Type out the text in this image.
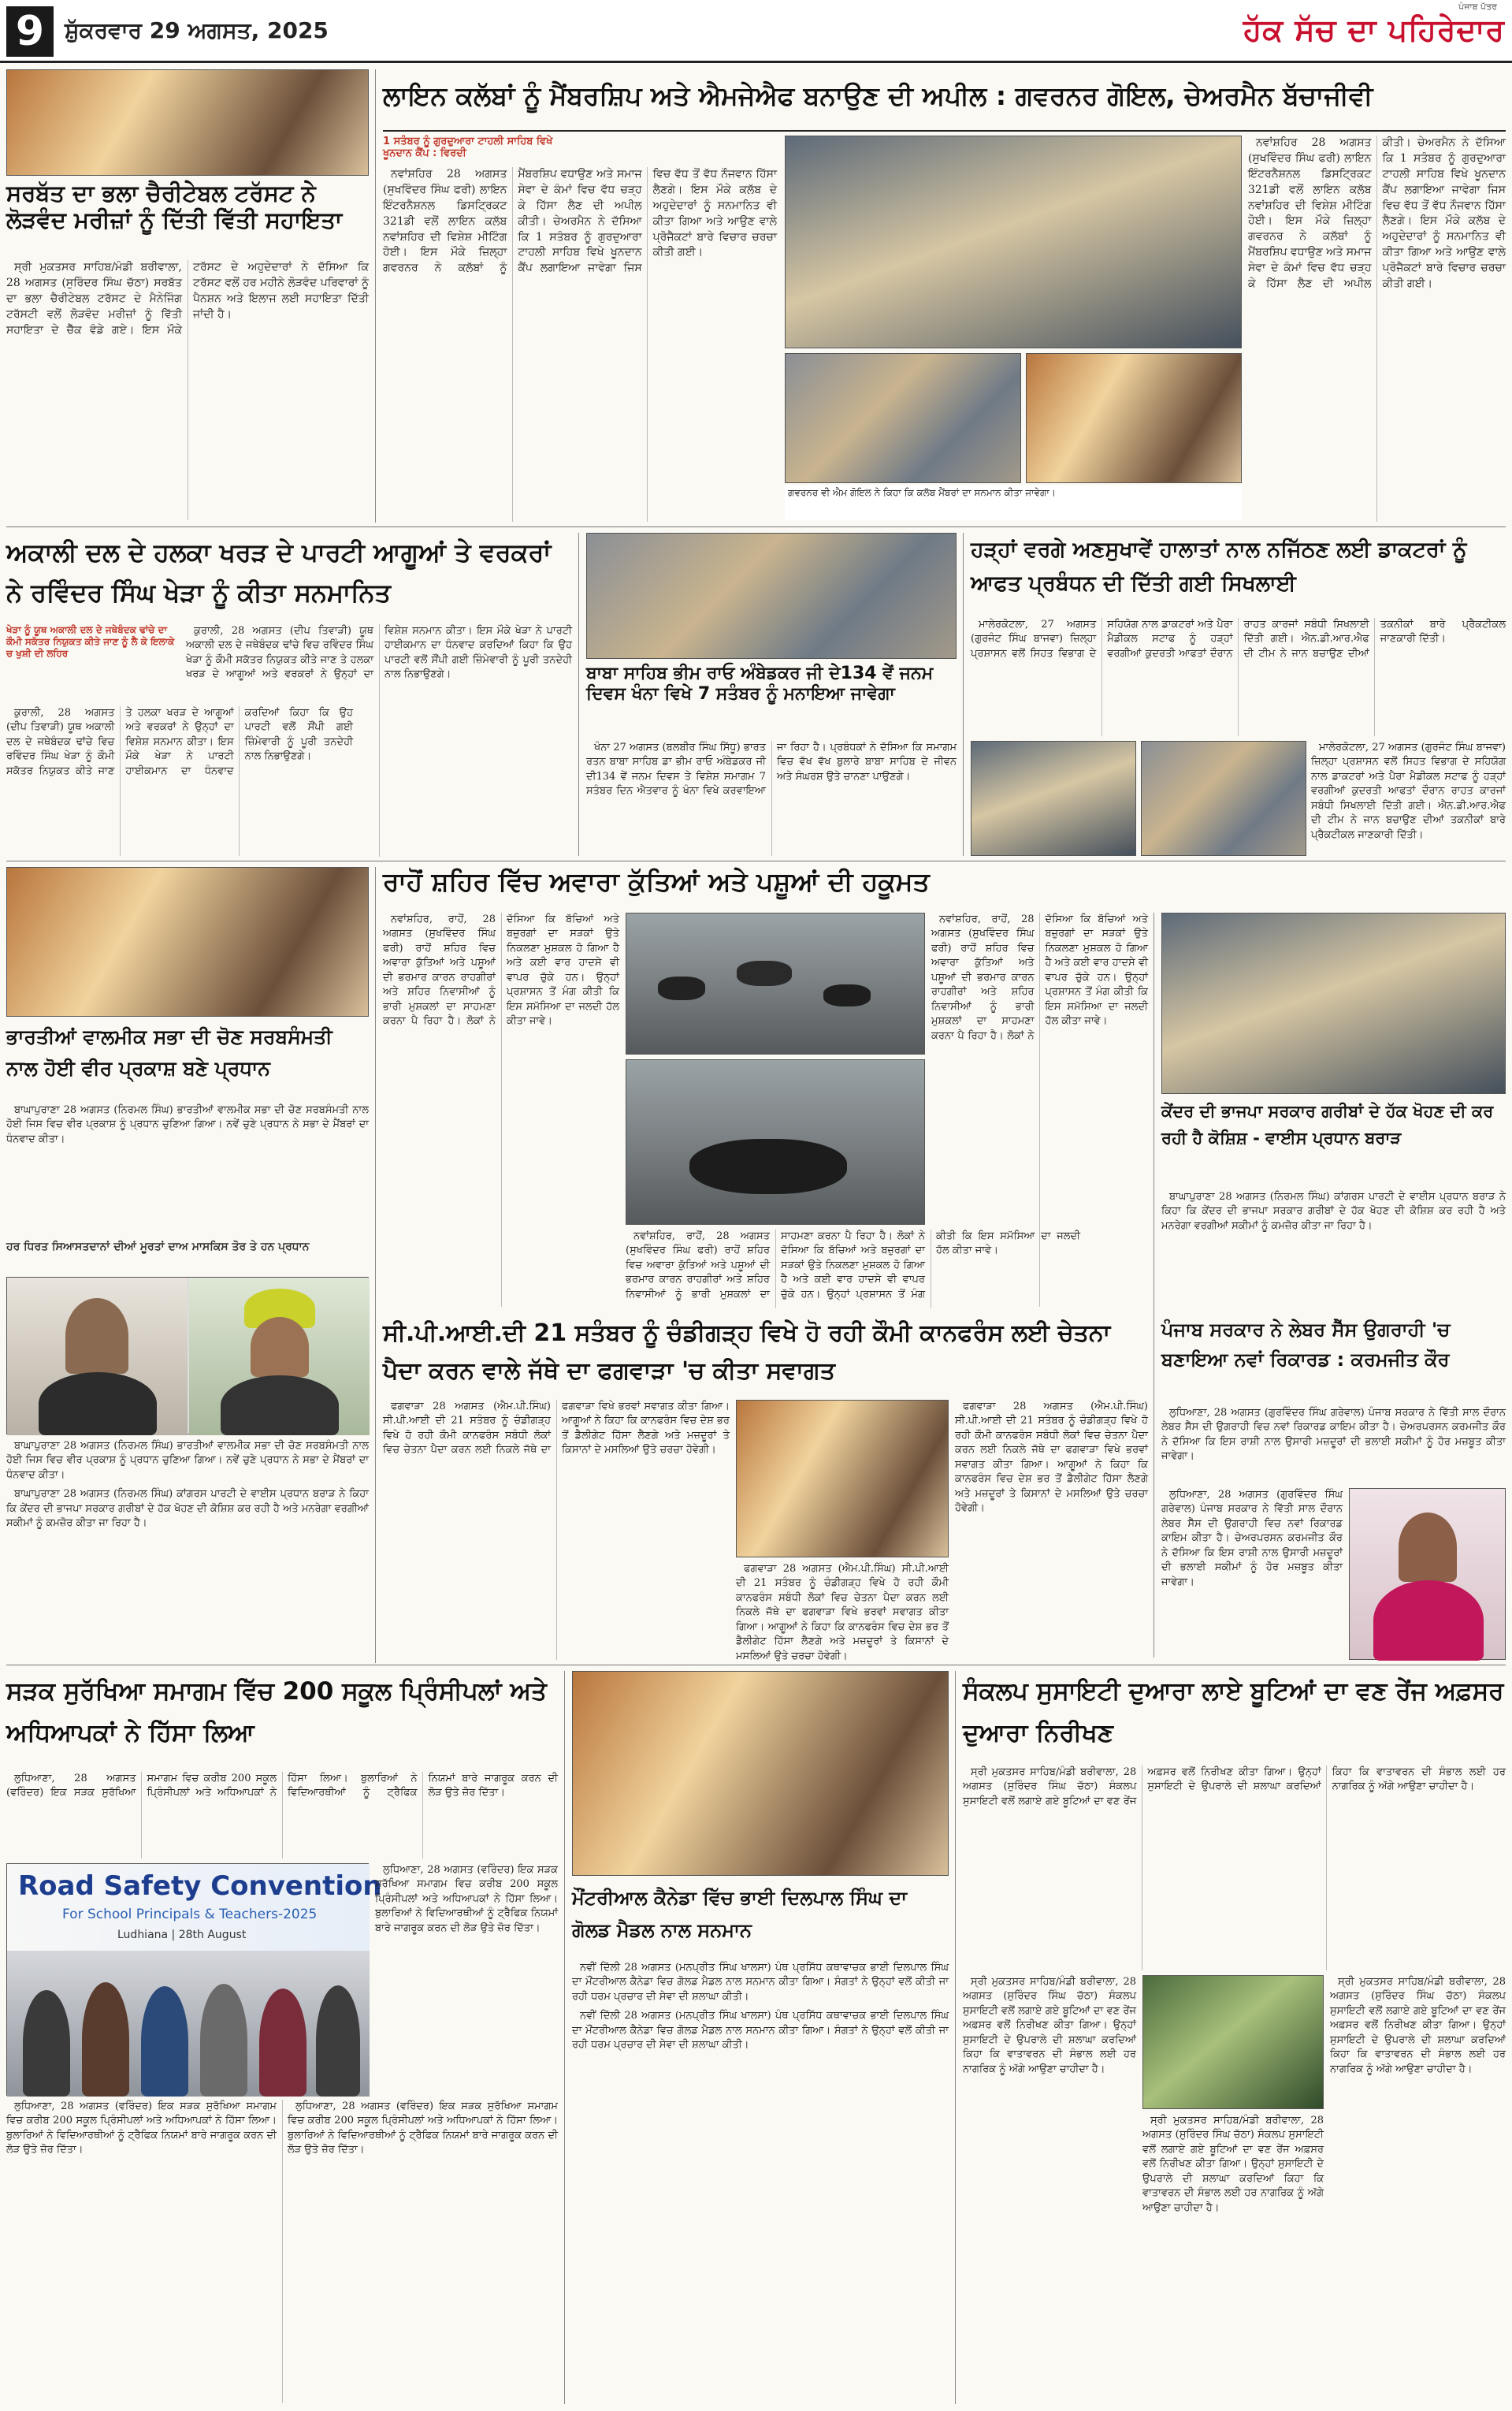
9 ਸ਼ੁੱਕਰਵਾਰ 29 ਅਗਸਤ, 2025
ਪੰਜਾਬ ਪੱਤਰ
ਹੱਕ ਸੱਚ ਦਾ ਪਹਿਰੇਦਾਰ
ਸਰਬੱਤ ਦਾ ਭਲਾ ਚੈਰੀਟੇਬਲ ਟਰੱਸਟ ਨੇ ਲੋੜਵੰਦ ਮਰੀਜ਼ਾਂ ਨੂੰ ਦਿੱਤੀ ਵਿੱਤੀ ਸਹਾਇਤਾ

ਸ੍ਰੀ ਮੁਕਤਸਰ ਸਾਹਿਬ/ਮੰਡੀ ਬਰੀਵਾਲਾ, 28 ਅਗਸਤ (ਸੁਰਿੰਦਰ ਸਿੰਘ ਚੱਠਾ) ਸਰਬੱਤ ਦਾ ਭਲਾ ਚੈਰੀਟੇਬਲ ਟਰੱਸਟ ਦੇ ਮੈਨੇਜਿੰਗ ਟਰੱਸਟੀ ਵਲੋਂ ਲੋੜਵੰਦ ਮਰੀਜ਼ਾਂ ਨੂੰ ਵਿੱਤੀ ਸਹਾਇਤਾ ਦੇ ਚੈੱਕ ਵੰਡੇ ਗਏ। ਇਸ ਮੌਕੇ ਟਰੱਸਟ ਦੇ ਅਹੁਦੇਦਾਰਾਂ ਨੇ ਦੱਸਿਆ ਕਿ ਟਰੱਸਟ ਵਲੋਂ ਹਰ ਮਹੀਨੇ ਲੋੜਵੰਦ ਪਰਿਵਾਰਾਂ ਨੂੰ ਪੈਨਸ਼ਨ ਅਤੇ ਇਲਾਜ ਲਈ ਸਹਾਇਤਾ ਦਿੱਤੀ ਜਾਂਦੀ ਹੈ।

ਲਾਇਨ ਕਲੱਬਾਂ ਨੂੰ ਮੈਂਬਰਸ਼ਿਪ ਅਤੇ ਐਮਜੇਐਫ ਬਨਾਉਣ ਦੀ ਅਪੀਲ : ਗਵਰਨਰ ਗੋਇਲ, ਚੇਅਰਮੈਨ ਬੱਚਾਜੀਵੀ
1 ਸਤੰਬਰ ਨੂੰ ਗੁਰਦੁਆਰਾ ਟਾਹਲੀ ਸਾਹਿਬ ਵਿਖੇ ਖੂਨਦਾਨ ਕੈਂਪ : ਵਿਰਦੀ

ਨਵਾਂਸ਼ਹਿਰ 28 ਅਗਸਤ (ਸੁਖਵਿੰਦਰ ਸਿੰਘ ਫਰੀ) ਲਾਇਨ ਇੰਟਰਨੈਸ਼ਨਲ ਡਿਸਟ੍ਰਿਕਟ 321ਡੀ ਵਲੋਂ ਲਾਇਨ ਕਲੱਬ ਨਵਾਂਸ਼ਹਿਰ ਦੀ ਵਿਸ਼ੇਸ਼ ਮੀਟਿੰਗ ਹੋਈ। ਇਸ ਮੌਕੇ ਜ਼ਿਲ੍ਹਾ ਗਵਰਨਰ ਨੇ ਕਲੱਬਾਂ ਨੂੰ ਮੈਂਬਰਸ਼ਿਪ ਵਧਾਉਣ ਅਤੇ ਸਮਾਜ ਸੇਵਾ ਦੇ ਕੰਮਾਂ ਵਿਚ ਵੱਧ ਚੜ੍ਹ ਕੇ ਹਿੱਸਾ ਲੈਣ ਦੀ ਅਪੀਲ ਕੀਤੀ। ਚੇਅਰਮੈਨ ਨੇ ਦੱਸਿਆ ਕਿ 1 ਸਤੰਬਰ ਨੂੰ ਗੁਰਦੁਆਰਾ ਟਾਹਲੀ ਸਾਹਿਬ ਵਿਖੇ ਖੂਨਦਾਨ ਕੈਂਪ ਲਗਾਇਆ ਜਾਵੇਗਾ ਜਿਸ ਵਿਚ ਵੱਧ ਤੋਂ ਵੱਧ ਨੌਜਵਾਨ ਹਿੱਸਾ ਲੈਣਗੇ। ਇਸ ਮੌਕੇ ਕਲੱਬ ਦੇ ਅਹੁਦੇਦਾਰਾਂ ਨੂੰ ਸਨਮਾਨਿਤ ਵੀ ਕੀਤਾ ਗਿਆ ਅਤੇ ਆਉਣ ਵਾਲੇ ਪ੍ਰੋਜੈਕਟਾਂ ਬਾਰੇ ਵਿਚਾਰ ਚਰਚਾ ਕੀਤੀ ਗਈ।

ਗਵਰਨਰ ਵੀ ਐਮ ਗੋਇਲ ਨੇ ਕਿਹਾ ਕਿ ਕਲੱਬ ਮੈਂਬਰਾਂ ਦਾ ਸਨਮਾਨ ਕੀਤਾ ਜਾਵੇਗਾ।

ਨਵਾਂਸ਼ਹਿਰ 28 ਅਗਸਤ (ਸੁਖਵਿੰਦਰ ਸਿੰਘ ਫਰੀ) ਲਾਇਨ ਇੰਟਰਨੈਸ਼ਨਲ ਡਿਸਟ੍ਰਿਕਟ 321ਡੀ ਵਲੋਂ ਲਾਇਨ ਕਲੱਬ ਨਵਾਂਸ਼ਹਿਰ ਦੀ ਵਿਸ਼ੇਸ਼ ਮੀਟਿੰਗ ਹੋਈ। ਇਸ ਮੌਕੇ ਜ਼ਿਲ੍ਹਾ ਗਵਰਨਰ ਨੇ ਕਲੱਬਾਂ ਨੂੰ ਮੈਂਬਰਸ਼ਿਪ ਵਧਾਉਣ ਅਤੇ ਸਮਾਜ ਸੇਵਾ ਦੇ ਕੰਮਾਂ ਵਿਚ ਵੱਧ ਚੜ੍ਹ ਕੇ ਹਿੱਸਾ ਲੈਣ ਦੀ ਅਪੀਲ ਕੀਤੀ। ਚੇਅਰਮੈਨ ਨੇ ਦੱਸਿਆ ਕਿ 1 ਸਤੰਬਰ ਨੂੰ ਗੁਰਦੁਆਰਾ ਟਾਹਲੀ ਸਾਹਿਬ ਵਿਖੇ ਖੂਨਦਾਨ ਕੈਂਪ ਲਗਾਇਆ ਜਾਵੇਗਾ ਜਿਸ ਵਿਚ ਵੱਧ ਤੋਂ ਵੱਧ ਨੌਜਵਾਨ ਹਿੱਸਾ ਲੈਣਗੇ। ਇਸ ਮੌਕੇ ਕਲੱਬ ਦੇ ਅਹੁਦੇਦਾਰਾਂ ਨੂੰ ਸਨਮਾਨਿਤ ਵੀ ਕੀਤਾ ਗਿਆ ਅਤੇ ਆਉਣ ਵਾਲੇ ਪ੍ਰੋਜੈਕਟਾਂ ਬਾਰੇ ਵਿਚਾਰ ਚਰਚਾ ਕੀਤੀ ਗਈ।

ਅਕਾਲੀ ਦਲ ਦੇ ਹਲਕਾ ਖਰੜ ਦੇ ਪਾਰਟੀ ਆਗੂਆਂ ਤੇ ਵਰਕਰਾਂ ਨੇ ਰਵਿੰਦਰ ਸਿੰਘ ਖੇੜਾ ਨੂੰ ਕੀਤਾ ਸਨਮਾਨਿਤ
ਖੇੜਾ ਨੂੰ ਯੂਥ ਅਕਾਲੀ ਦਲ ਦੇ ਜਥੇਬੰਦਕ ਢਾਂਚੇ ਦਾ ਕੌਮੀ ਸਕੱਤਰ ਨਿਯੁਕਤ ਕੀਤੇ ਜਾਣ ਨੂੰ ਲੈ ਕੇ ਇਲਾਕੇ ਚ ਖੁਸ਼ੀ ਦੀ ਲਹਿਰ

ਕੁਰਾਲੀ, 28 ਅਗਸਤ (ਦੀਪ ਤਿਵਾੜੀ) ਯੂਥ ਅਕਾਲੀ ਦਲ ਦੇ ਜਥੇਬੰਦਕ ਢਾਂਚੇ ਵਿਚ ਰਵਿੰਦਰ ਸਿੰਘ ਖੇੜਾ ਨੂੰ ਕੌਮੀ ਸਕੱਤਰ ਨਿਯੁਕਤ ਕੀਤੇ ਜਾਣ ਤੇ ਹਲਕਾ ਖਰੜ ਦੇ ਆਗੂਆਂ ਅਤੇ ਵਰਕਰਾਂ ਨੇ ਉਨ੍ਹਾਂ ਦਾ ਵਿਸ਼ੇਸ਼ ਸਨਮਾਨ ਕੀਤਾ। ਇਸ ਮੌਕੇ ਖੇੜਾ ਨੇ ਪਾਰਟੀ ਹਾਈਕਮਾਨ ਦਾ ਧੰਨਵਾਦ ਕਰਦਿਆਂ ਕਿਹਾ ਕਿ ਉਹ ਪਾਰਟੀ ਵਲੋਂ ਸੌਂਪੀ ਗਈ ਜ਼ਿੰਮੇਵਾਰੀ ਨੂੰ ਪੂਰੀ ਤਨਦੇਹੀ ਨਾਲ ਨਿਭਾਉਣਗੇ।

ਕੁਰਾਲੀ, 28 ਅਗਸਤ (ਦੀਪ ਤਿਵਾੜੀ) ਯੂਥ ਅਕਾਲੀ ਦਲ ਦੇ ਜਥੇਬੰਦਕ ਢਾਂਚੇ ਵਿਚ ਰਵਿੰਦਰ ਸਿੰਘ ਖੇੜਾ ਨੂੰ ਕੌਮੀ ਸਕੱਤਰ ਨਿਯੁਕਤ ਕੀਤੇ ਜਾਣ ਤੇ ਹਲਕਾ ਖਰੜ ਦੇ ਆਗੂਆਂ ਅਤੇ ਵਰਕਰਾਂ ਨੇ ਉਨ੍ਹਾਂ ਦਾ ਵਿਸ਼ੇਸ਼ ਸਨਮਾਨ ਕੀਤਾ। ਇਸ ਮੌਕੇ ਖੇੜਾ ਨੇ ਪਾਰਟੀ ਹਾਈਕਮਾਨ ਦਾ ਧੰਨਵਾਦ ਕਰਦਿਆਂ ਕਿਹਾ ਕਿ ਉਹ ਪਾਰਟੀ ਵਲੋਂ ਸੌਂਪੀ ਗਈ ਜ਼ਿੰਮੇਵਾਰੀ ਨੂੰ ਪੂਰੀ ਤਨਦੇਹੀ ਨਾਲ ਨਿਭਾਉਣਗੇ।	ਬਾਬਾ ਸਾਹਿਬ ਭੀਮ ਰਾਓ ਅੰਬੇਡਕਰ ਜੀ ਦੇ134 ਵੇਂ ਜਨਮ ਦਿਵਸ ਖੰਨਾ ਵਿਖੇ 7 ਸਤੰਬਰ ਨੂੰ ਮਨਾਇਆ ਜਾਵੇਗਾ

ਖੰਨਾ 27 ਅਗਸਤ (ਬਲਬੀਰ ਸਿੰਘ ਸਿੱਧੂ) ਭਾਰਤ ਰਤਨ ਬਾਬਾ ਸਾਹਿਬ ਡਾ ਭੀਮ ਰਾਓ ਅੰਬੇਡਕਰ ਜੀ ਦੀ134 ਵੇਂ ਜਨਮ ਦਿਵਸ ਤੇ ਵਿਸ਼ੇਸ਼ ਸਮਾਗਮ 7 ਸਤੰਬਰ ਦਿਨ ਐਤਵਾਰ ਨੂੰ ਖੰਨਾ ਵਿਖੇ ਕਰਵਾਇਆ ਜਾ ਰਿਹਾ ਹੈ। ਪ੍ਰਬੰਧਕਾਂ ਨੇ ਦੱਸਿਆ ਕਿ ਸਮਾਗਮ ਵਿਚ ਵੱਖ ਵੱਖ ਬੁਲਾਰੇ ਬਾਬਾ ਸਾਹਿਬ ਦੇ ਜੀਵਨ ਅਤੇ ਸੰਘਰਸ਼ ਉਤੇ ਚਾਨਣਾ ਪਾਉਣਗੇ।

ਹੜ੍ਹਾਂ ਵਰਗੇ ਅਣਸੁਖਾਵੇਂ ਹਾਲਾਤਾਂ ਨਾਲ ਨਜਿੱਠਣ ਲਈ ਡਾਕਟਰਾਂ ਨੂੰ ਆਫਤ ਪ੍ਰਬੰਧਨ ਦੀ ਦਿੱਤੀ ਗਈ ਸਿਖਲਾਈ

ਮਾਲੇਰਕੋਟਲਾ, 27 ਅਗਸਤ (ਗੁਰਜੰਟ ਸਿੰਘ ਬਾਜਵਾ) ਜ਼ਿਲ੍ਹਾ ਪ੍ਰਸ਼ਾਸਨ ਵਲੋਂ ਸਿਹਤ ਵਿਭਾਗ ਦੇ ਸਹਿਯੋਗ ਨਾਲ ਡਾਕਟਰਾਂ ਅਤੇ ਪੈਰਾ ਮੈਡੀਕਲ ਸਟਾਫ ਨੂੰ ਹੜ੍ਹਾਂ ਵਰਗੀਆਂ ਕੁਦਰਤੀ ਆਫਤਾਂ ਦੌਰਾਨ ਰਾਹਤ ਕਾਰਜਾਂ ਸਬੰਧੀ ਸਿਖਲਾਈ ਦਿੱਤੀ ਗਈ। ਐਨ.ਡੀ.ਆਰ.ਐਫ ਦੀ ਟੀਮ ਨੇ ਜਾਨ ਬਚਾਉਣ ਦੀਆਂ ਤਕਨੀਕਾਂ ਬਾਰੇ ਪ੍ਰੈਕਟੀਕਲ ਜਾਣਕਾਰੀ ਦਿੱਤੀ।

ਮਾਲੇਰਕੋਟਲਾ, 27 ਅਗਸਤ (ਗੁਰਜੰਟ ਸਿੰਘ ਬਾਜਵਾ) ਜ਼ਿਲ੍ਹਾ ਪ੍ਰਸ਼ਾਸਨ ਵਲੋਂ ਸਿਹਤ ਵਿਭਾਗ ਦੇ ਸਹਿਯੋਗ ਨਾਲ ਡਾਕਟਰਾਂ ਅਤੇ ਪੈਰਾ ਮੈਡੀਕਲ ਸਟਾਫ ਨੂੰ ਹੜ੍ਹਾਂ ਵਰਗੀਆਂ ਕੁਦਰਤੀ ਆਫਤਾਂ ਦੌਰਾਨ ਰਾਹਤ ਕਾਰਜਾਂ ਸਬੰਧੀ ਸਿਖਲਾਈ ਦਿੱਤੀ ਗਈ। ਐਨ.ਡੀ.ਆਰ.ਐਫ ਦੀ ਟੀਮ ਨੇ ਜਾਨ ਬਚਾਉਣ ਦੀਆਂ ਤਕਨੀਕਾਂ ਬਾਰੇ ਪ੍ਰੈਕਟੀਕਲ ਜਾਣਕਾਰੀ ਦਿੱਤੀ।

ਭਾਰਤੀਆਂ ਵਾਲਮੀਕ ਸਭਾ ਦੀ ਚੋਣ ਸਰਬਸੰਮਤੀ ਨਾਲ ਹੋਈ ਵੀਰ ਪ੍ਰਕਾਸ਼ ਬਣੇ ਪ੍ਰਧਾਨ

ਬਾਘਾਪੁਰਾਣਾ 28 ਅਗਸਤ (ਨਿਰਮਲ ਸਿੰਘ) ਭਾਰਤੀਆਂ ਵਾਲਮੀਕ ਸਭਾ ਦੀ ਚੋਣ ਸਰਬਸੰਮਤੀ ਨਾਲ ਹੋਈ ਜਿਸ ਵਿਚ ਵੀਰ ਪ੍ਰਕਾਸ਼ ਨੂੰ ਪ੍ਰਧਾਨ ਚੁਣਿਆ ਗਿਆ। ਨਵੇਂ ਚੁਣੇ ਪ੍ਰਧਾਨ ਨੇ ਸਭਾ ਦੇ ਮੈਂਬਰਾਂ ਦਾ ਧੰਨਵਾਦ ਕੀਤਾ।

ਹਰ ਧਿਰਤ ਸਿਆਸਤਦਾਨਾਂ ਦੀਆਂ ਮੂਰਤਾਂ ਦਾਅ ਮਾਸਕਿਸ ਤੋਰ ਤੇ ਹਨ ਪ੍ਰਧਾਨ

ਬਾਘਾਪੁਰਾਣਾ 28 ਅਗਸਤ (ਨਿਰਮਲ ਸਿੰਘ) ਭਾਰਤੀਆਂ ਵਾਲਮੀਕ ਸਭਾ ਦੀ ਚੋਣ ਸਰਬਸੰਮਤੀ ਨਾਲ ਹੋਈ ਜਿਸ ਵਿਚ ਵੀਰ ਪ੍ਰਕਾਸ਼ ਨੂੰ ਪ੍ਰਧਾਨ ਚੁਣਿਆ ਗਿਆ। ਨਵੇਂ ਚੁਣੇ ਪ੍ਰਧਾਨ ਨੇ ਸਭਾ ਦੇ ਮੈਂਬਰਾਂ ਦਾ ਧੰਨਵਾਦ ਕੀਤਾ।

ਬਾਘਾਪੁਰਾਣਾ 28 ਅਗਸਤ (ਨਿਰਮਲ ਸਿੰਘ) ਕਾਂਗਰਸ ਪਾਰਟੀ ਦੇ ਵਾਈਸ ਪ੍ਰਧਾਨ ਬਰਾੜ ਨੇ ਕਿਹਾ ਕਿ ਕੇਂਦਰ ਦੀ ਭਾਜਪਾ ਸਰਕਾਰ ਗਰੀਬਾਂ ਦੇ ਹੱਕ ਖੋਹਣ ਦੀ ਕੋਸ਼ਿਸ਼ ਕਰ ਰਹੀ ਹੈ ਅਤੇ ਮਨਰੇਗਾ ਵਰਗੀਆਂ ਸਕੀਮਾਂ ਨੂੰ ਕਮਜ਼ੋਰ ਕੀਤਾ ਜਾ ਰਿਹਾ ਹੈ।

ਰਾਹੋਂ ਸ਼ਹਿਰ ਵਿੱਚ ਅਵਾਰਾ ਕੁੱਤਿਆਂ ਅਤੇ ਪਸ਼ੂਆਂ ਦੀ ਹਕੂਮਤ

ਨਵਾਂਸ਼ਹਿਰ, ਰਾਹੋਂ, 28 ਅਗਸਤ (ਸੁਖਵਿੰਦਰ ਸਿੰਘ ਫਰੀ) ਰਾਹੋਂ ਸ਼ਹਿਰ ਵਿਚ ਅਵਾਰਾ ਕੁੱਤਿਆਂ ਅਤੇ ਪਸ਼ੂਆਂ ਦੀ ਭਰਮਾਰ ਕਾਰਨ ਰਾਹਗੀਰਾਂ ਅਤੇ ਸ਼ਹਿਰ ਨਿਵਾਸੀਆਂ ਨੂੰ ਭਾਰੀ ਮੁਸ਼ਕਲਾਂ ਦਾ ਸਾਹਮਣਾ ਕਰਨਾ ਪੈ ਰਿਹਾ ਹੈ। ਲੋਕਾਂ ਨੇ ਦੱਸਿਆ ਕਿ ਬੱਚਿਆਂ ਅਤੇ ਬਜ਼ੁਰਗਾਂ ਦਾ ਸੜਕਾਂ ਉਤੇ ਨਿਕਲਣਾ ਮੁਸ਼ਕਲ ਹੋ ਗਿਆ ਹੈ ਅਤੇ ਕਈ ਵਾਰ ਹਾਦਸੇ ਵੀ ਵਾਪਰ ਚੁੱਕੇ ਹਨ। ਉਨ੍ਹਾਂ ਪ੍ਰਸ਼ਾਸਨ ਤੋਂ ਮੰਗ ਕੀਤੀ ਕਿ ਇਸ ਸਮੱਸਿਆ ਦਾ ਜਲਦੀ ਹੱਲ ਕੀਤਾ ਜਾਵੇ।

ਨਵਾਂਸ਼ਹਿਰ, ਰਾਹੋਂ, 28 ਅਗਸਤ (ਸੁਖਵਿੰਦਰ ਸਿੰਘ ਫਰੀ) ਰਾਹੋਂ ਸ਼ਹਿਰ ਵਿਚ ਅਵਾਰਾ ਕੁੱਤਿਆਂ ਅਤੇ ਪਸ਼ੂਆਂ ਦੀ ਭਰਮਾਰ ਕਾਰਨ ਰਾਹਗੀਰਾਂ ਅਤੇ ਸ਼ਹਿਰ ਨਿਵਾਸੀਆਂ ਨੂੰ ਭਾਰੀ ਮੁਸ਼ਕਲਾਂ ਦਾ ਸਾਹਮਣਾ ਕਰਨਾ ਪੈ ਰਿਹਾ ਹੈ। ਲੋਕਾਂ ਨੇ ਦੱਸਿਆ ਕਿ ਬੱਚਿਆਂ ਅਤੇ ਬਜ਼ੁਰਗਾਂ ਦਾ ਸੜਕਾਂ ਉਤੇ ਨਿਕਲਣਾ ਮੁਸ਼ਕਲ ਹੋ ਗਿਆ ਹੈ ਅਤੇ ਕਈ ਵਾਰ ਹਾਦਸੇ ਵੀ ਵਾਪਰ ਚੁੱਕੇ ਹਨ। ਉਨ੍ਹਾਂ ਪ੍ਰਸ਼ਾਸਨ ਤੋਂ ਮੰਗ ਕੀਤੀ ਕਿ ਇਸ ਸਮੱਸਿਆ ਦਾ ਜਲਦੀ ਹੱਲ ਕੀਤਾ ਜਾਵੇ।

ਨਵਾਂਸ਼ਹਿਰ, ਰਾਹੋਂ, 28 ਅਗਸਤ (ਸੁਖਵਿੰਦਰ ਸਿੰਘ ਫਰੀ) ਰਾਹੋਂ ਸ਼ਹਿਰ ਵਿਚ ਅਵਾਰਾ ਕੁੱਤਿਆਂ ਅਤੇ ਪਸ਼ੂਆਂ ਦੀ ਭਰਮਾਰ ਕਾਰਨ ਰਾਹਗੀਰਾਂ ਅਤੇ ਸ਼ਹਿਰ ਨਿਵਾਸੀਆਂ ਨੂੰ ਭਾਰੀ ਮੁਸ਼ਕਲਾਂ ਦਾ ਸਾਹਮਣਾ ਕਰਨਾ ਪੈ ਰਿਹਾ ਹੈ। ਲੋਕਾਂ ਨੇ ਦੱਸਿਆ ਕਿ ਬੱਚਿਆਂ ਅਤੇ ਬਜ਼ੁਰਗਾਂ ਦਾ ਸੜਕਾਂ ਉਤੇ ਨਿਕਲਣਾ ਮੁਸ਼ਕਲ ਹੋ ਗਿਆ ਹੈ ਅਤੇ ਕਈ ਵਾਰ ਹਾਦਸੇ ਵੀ ਵਾਪਰ ਚੁੱਕੇ ਹਨ। ਉਨ੍ਹਾਂ ਪ੍ਰਸ਼ਾਸਨ ਤੋਂ ਮੰਗ ਕੀਤੀ ਕਿ ਇਸ ਸਮੱਸਿਆ ਦਾ ਜਲਦੀ ਹੱਲ ਕੀਤਾ ਜਾਵੇ।

ਕੇਂਦਰ ਦੀ ਭਾਜਪਾ ਸਰਕਾਰ ਗਰੀਬਾਂ ਦੇ ਹੱਕ ਖੋਹਣ ਦੀ ਕਰ ਰਹੀ ਹੈ ਕੋਸ਼ਿਸ਼ - ਵਾਈਸ ਪ੍ਰਧਾਨ ਬਰਾੜ

ਬਾਘਾਪੁਰਾਣਾ 28 ਅਗਸਤ (ਨਿਰਮਲ ਸਿੰਘ) ਕਾਂਗਰਸ ਪਾਰਟੀ ਦੇ ਵਾਈਸ ਪ੍ਰਧਾਨ ਬਰਾੜ ਨੇ ਕਿਹਾ ਕਿ ਕੇਂਦਰ ਦੀ ਭਾਜਪਾ ਸਰਕਾਰ ਗਰੀਬਾਂ ਦੇ ਹੱਕ ਖੋਹਣ ਦੀ ਕੋਸ਼ਿਸ਼ ਕਰ ਰਹੀ ਹੈ ਅਤੇ ਮਨਰੇਗਾ ਵਰਗੀਆਂ ਸਕੀਮਾਂ ਨੂੰ ਕਮਜ਼ੋਰ ਕੀਤਾ ਜਾ ਰਿਹਾ ਹੈ।

ਸੀ.ਪੀ.ਆਈ.ਦੀ 21 ਸਤੰਬਰ ਨੂੰ ਚੰਡੀਗੜ੍ਹ ਵਿਖੇ ਹੋ ਰਹੀ ਕੌਮੀ ਕਾਨਫਰੰਸ ਲਈ ਚੇਤਨਾ ਪੈਦਾ ਕਰਨ ਵਾਲੇ ਜੱਥੇ ਦਾ ਫਗਵਾੜਾ 'ਚ ਕੀਤਾ ਸਵਾਗਤ

ਫਗਵਾੜਾ 28 ਅਗਸਤ (ਐਮ.ਪੀ.ਸਿੰਘ) ਸੀ.ਪੀ.ਆਈ ਦੀ 21 ਸਤੰਬਰ ਨੂੰ ਚੰਡੀਗੜ੍ਹ ਵਿਖੇ ਹੋ ਰਹੀ ਕੌਮੀ ਕਾਨਫਰੰਸ ਸਬੰਧੀ ਲੋਕਾਂ ਵਿਚ ਚੇਤਨਾ ਪੈਦਾ ਕਰਨ ਲਈ ਨਿਕਲੇ ਜੱਥੇ ਦਾ ਫਗਵਾੜਾ ਵਿਖੇ ਭਰਵਾਂ ਸਵਾਗਤ ਕੀਤਾ ਗਿਆ। ਆਗੂਆਂ ਨੇ ਕਿਹਾ ਕਿ ਕਾਨਫਰੰਸ ਵਿਚ ਦੇਸ਼ ਭਰ ਤੋਂ ਡੈਲੀਗੇਟ ਹਿੱਸਾ ਲੈਣਗੇ ਅਤੇ ਮਜ਼ਦੂਰਾਂ ਤੇ ਕਿਸਾਨਾਂ ਦੇ ਮਸਲਿਆਂ ਉਤੇ ਚਰਚਾ ਹੋਵੇਗੀ।

ਫਗਵਾੜਾ 28 ਅਗਸਤ (ਐਮ.ਪੀ.ਸਿੰਘ) ਸੀ.ਪੀ.ਆਈ ਦੀ 21 ਸਤੰਬਰ ਨੂੰ ਚੰਡੀਗੜ੍ਹ ਵਿਖੇ ਹੋ ਰਹੀ ਕੌਮੀ ਕਾਨਫਰੰਸ ਸਬੰਧੀ ਲੋਕਾਂ ਵਿਚ ਚੇਤਨਾ ਪੈਦਾ ਕਰਨ ਲਈ ਨਿਕਲੇ ਜੱਥੇ ਦਾ ਫਗਵਾੜਾ ਵਿਖੇ ਭਰਵਾਂ ਸਵਾਗਤ ਕੀਤਾ ਗਿਆ। ਆਗੂਆਂ ਨੇ ਕਿਹਾ ਕਿ ਕਾਨਫਰੰਸ ਵਿਚ ਦੇਸ਼ ਭਰ ਤੋਂ ਡੈਲੀਗੇਟ ਹਿੱਸਾ ਲੈਣਗੇ ਅਤੇ ਮਜ਼ਦੂਰਾਂ ਤੇ ਕਿਸਾਨਾਂ ਦੇ ਮਸਲਿਆਂ ਉਤੇ ਚਰਚਾ ਹੋਵੇਗੀ।

ਫਗਵਾੜਾ 28 ਅਗਸਤ (ਐਮ.ਪੀ.ਸਿੰਘ) ਸੀ.ਪੀ.ਆਈ ਦੀ 21 ਸਤੰਬਰ ਨੂੰ ਚੰਡੀਗੜ੍ਹ ਵਿਖੇ ਹੋ ਰਹੀ ਕੌਮੀ ਕਾਨਫਰੰਸ ਸਬੰਧੀ ਲੋਕਾਂ ਵਿਚ ਚੇਤਨਾ ਪੈਦਾ ਕਰਨ ਲਈ ਨਿਕਲੇ ਜੱਥੇ ਦਾ ਫਗਵਾੜਾ ਵਿਖੇ ਭਰਵਾਂ ਸਵਾਗਤ ਕੀਤਾ ਗਿਆ। ਆਗੂਆਂ ਨੇ ਕਿਹਾ ਕਿ ਕਾਨਫਰੰਸ ਵਿਚ ਦੇਸ਼ ਭਰ ਤੋਂ ਡੈਲੀਗੇਟ ਹਿੱਸਾ ਲੈਣਗੇ ਅਤੇ ਮਜ਼ਦੂਰਾਂ ਤੇ ਕਿਸਾਨਾਂ ਦੇ ਮਸਲਿਆਂ ਉਤੇ ਚਰਚਾ ਹੋਵੇਗੀ।

ਪੰਜਾਬ ਸਰਕਾਰ ਨੇ ਲੇਬਰ ਸੈੱਸ ਉਗਰਾਹੀ 'ਚ ਬਣਾਇਆ ਨਵਾਂ ਰਿਕਾਰਡ : ਕਰਮਜੀਤ ਕੌਰ

ਲੁਧਿਆਣਾ, 28 ਅਗਸਤ (ਗੁਰਵਿੰਦਰ ਸਿੰਘ ਗਰੇਵਾਲ) ਪੰਜਾਬ ਸਰਕਾਰ ਨੇ ਵਿੱਤੀ ਸਾਲ ਦੌਰਾਨ ਲੇਬਰ ਸੈੱਸ ਦੀ ਉਗਰਾਹੀ ਵਿਚ ਨਵਾਂ ਰਿਕਾਰਡ ਕਾਇਮ ਕੀਤਾ ਹੈ। ਚੇਅਰਪਰਸਨ ਕਰਮਜੀਤ ਕੌਰ ਨੇ ਦੱਸਿਆ ਕਿ ਇਸ ਰਾਸ਼ੀ ਨਾਲ ਉਸਾਰੀ ਮਜ਼ਦੂਰਾਂ ਦੀ ਭਲਾਈ ਸਕੀਮਾਂ ਨੂੰ ਹੋਰ ਮਜ਼ਬੂਤ ਕੀਤਾ ਜਾਵੇਗਾ।

ਲੁਧਿਆਣਾ, 28 ਅਗਸਤ (ਗੁਰਵਿੰਦਰ ਸਿੰਘ ਗਰੇਵਾਲ) ਪੰਜਾਬ ਸਰਕਾਰ ਨੇ ਵਿੱਤੀ ਸਾਲ ਦੌਰਾਨ ਲੇਬਰ ਸੈੱਸ ਦੀ ਉਗਰਾਹੀ ਵਿਚ ਨਵਾਂ ਰਿਕਾਰਡ ਕਾਇਮ ਕੀਤਾ ਹੈ। ਚੇਅਰਪਰਸਨ ਕਰਮਜੀਤ ਕੌਰ ਨੇ ਦੱਸਿਆ ਕਿ ਇਸ ਰਾਸ਼ੀ ਨਾਲ ਉਸਾਰੀ ਮਜ਼ਦੂਰਾਂ ਦੀ ਭਲਾਈ ਸਕੀਮਾਂ ਨੂੰ ਹੋਰ ਮਜ਼ਬੂਤ ਕੀਤਾ ਜਾਵੇਗਾ।

ਸੜਕ ਸੁਰੱਖਿਆ ਸਮਾਗਮ ਵਿੱਚ 200 ਸਕੂਲ ਪ੍ਰਿੰਸੀਪਲਾਂ ਅਤੇ ਅਧਿਆਪਕਾਂ ਨੇ ਹਿੱਸਾ ਲਿਆ

ਲੁਧਿਆਣਾ, 28 ਅਗਸਤ (ਵਰਿੰਦਰ) ਇਕ ਸੜਕ ਸੁਰੱਖਿਆ ਸਮਾਗਮ ਵਿਚ ਕਰੀਬ 200 ਸਕੂਲ ਪ੍ਰਿੰਸੀਪਲਾਂ ਅਤੇ ਅਧਿਆਪਕਾਂ ਨੇ ਹਿੱਸਾ ਲਿਆ। ਬੁਲਾਰਿਆਂ ਨੇ ਵਿਦਿਆਰਥੀਆਂ ਨੂੰ ਟ੍ਰੈਫਿਕ ਨਿਯਮਾਂ ਬਾਰੇ ਜਾਗਰੂਕ ਕਰਨ ਦੀ ਲੋੜ ਉਤੇ ਜ਼ੋਰ ਦਿੱਤਾ।

Road Safety Convention
For School Principals & Teachers-2025
Ludhiana | 28th August

ਲੁਧਿਆਣਾ, 28 ਅਗਸਤ (ਵਰਿੰਦਰ) ਇਕ ਸੜਕ ਸੁਰੱਖਿਆ ਸਮਾਗਮ ਵਿਚ ਕਰੀਬ 200 ਸਕੂਲ ਪ੍ਰਿੰਸੀਪਲਾਂ ਅਤੇ ਅਧਿਆਪਕਾਂ ਨੇ ਹਿੱਸਾ ਲਿਆ। ਬੁਲਾਰਿਆਂ ਨੇ ਵਿਦਿਆਰਥੀਆਂ ਨੂੰ ਟ੍ਰੈਫਿਕ ਨਿਯਮਾਂ ਬਾਰੇ ਜਾਗਰੂਕ ਕਰਨ ਦੀ ਲੋੜ ਉਤੇ ਜ਼ੋਰ ਦਿੱਤਾ।

ਲੁਧਿਆਣਾ, 28 ਅਗਸਤ (ਵਰਿੰਦਰ) ਇਕ ਸੜਕ ਸੁਰੱਖਿਆ ਸਮਾਗਮ ਵਿਚ ਕਰੀਬ 200 ਸਕੂਲ ਪ੍ਰਿੰਸੀਪਲਾਂ ਅਤੇ ਅਧਿਆਪਕਾਂ ਨੇ ਹਿੱਸਾ ਲਿਆ। ਬੁਲਾਰਿਆਂ ਨੇ ਵਿਦਿਆਰਥੀਆਂ ਨੂੰ ਟ੍ਰੈਫਿਕ ਨਿਯਮਾਂ ਬਾਰੇ ਜਾਗਰੂਕ ਕਰਨ ਦੀ ਲੋੜ ਉਤੇ ਜ਼ੋਰ ਦਿੱਤਾ।

ਲੁਧਿਆਣਾ, 28 ਅਗਸਤ (ਵਰਿੰਦਰ) ਇਕ ਸੜਕ ਸੁਰੱਖਿਆ ਸਮਾਗਮ ਵਿਚ ਕਰੀਬ 200 ਸਕੂਲ ਪ੍ਰਿੰਸੀਪਲਾਂ ਅਤੇ ਅਧਿਆਪਕਾਂ ਨੇ ਹਿੱਸਾ ਲਿਆ। ਬੁਲਾਰਿਆਂ ਨੇ ਵਿਦਿਆਰਥੀਆਂ ਨੂੰ ਟ੍ਰੈਫਿਕ ਨਿਯਮਾਂ ਬਾਰੇ ਜਾਗਰੂਕ ਕਰਨ ਦੀ ਲੋੜ ਉਤੇ ਜ਼ੋਰ ਦਿੱਤਾ।

ਮੌਂਟਰੀਆਲ ਕੈਨੇਡਾ ਵਿੱਚ ਭਾਈ ਦਿਲਪਾਲ ਸਿੰਘ ਦਾ ਗੋਲਡ ਮੈਡਲ ਨਾਲ ਸਨਮਾਨ

ਨਵੀਂ ਦਿੱਲੀ 28 ਅਗਸਤ (ਮਨਪ੍ਰੀਤ ਸਿੰਘ ਖਾਲਸਾ) ਪੰਥ ਪ੍ਰਸਿੱਧ ਕਥਾਵਾਚਕ ਭਾਈ ਦਿਲਪਾਲ ਸਿੰਘ ਦਾ ਮੌਂਟਰੀਆਲ ਕੈਨੇਡਾ ਵਿਚ ਗੋਲਡ ਮੈਡਲ ਨਾਲ ਸਨਮਾਨ ਕੀਤਾ ਗਿਆ। ਸੰਗਤਾਂ ਨੇ ਉਨ੍ਹਾਂ ਵਲੋਂ ਕੀਤੀ ਜਾ ਰਹੀ ਧਰਮ ਪ੍ਰਚਾਰ ਦੀ ਸੇਵਾ ਦੀ ਸ਼ਲਾਘਾ ਕੀਤੀ।

ਨਵੀਂ ਦਿੱਲੀ 28 ਅਗਸਤ (ਮਨਪ੍ਰੀਤ ਸਿੰਘ ਖਾਲਸਾ) ਪੰਥ ਪ੍ਰਸਿੱਧ ਕਥਾਵਾਚਕ ਭਾਈ ਦਿਲਪਾਲ ਸਿੰਘ ਦਾ ਮੌਂਟਰੀਆਲ ਕੈਨੇਡਾ ਵਿਚ ਗੋਲਡ ਮੈਡਲ ਨਾਲ ਸਨਮਾਨ ਕੀਤਾ ਗਿਆ। ਸੰਗਤਾਂ ਨੇ ਉਨ੍ਹਾਂ ਵਲੋਂ ਕੀਤੀ ਜਾ ਰਹੀ ਧਰਮ ਪ੍ਰਚਾਰ ਦੀ ਸੇਵਾ ਦੀ ਸ਼ਲਾਘਾ ਕੀਤੀ।

ਸੰਕਲਪ ਸੁਸਾਇਟੀ ਦੁਆਰਾ ਲਾਏ ਬੂਟਿਆਂ ਦਾ ਵਣ ਰੇਂਜ ਅਫ਼ਸਰ ਦੁਆਰਾ ਨਿਰੀਖਣ

ਸ੍ਰੀ ਮੁਕਤਸਰ ਸਾਹਿਬ/ਮੰਡੀ ਬਰੀਵਾਲਾ, 28 ਅਗਸਤ (ਸੁਰਿੰਦਰ ਸਿੰਘ ਚੱਠਾ) ਸੰਕਲਪ ਸੁਸਾਇਟੀ ਵਲੋਂ ਲਗਾਏ ਗਏ ਬੂਟਿਆਂ ਦਾ ਵਣ ਰੇਂਜ ਅਫ਼ਸਰ ਵਲੋਂ ਨਿਰੀਖਣ ਕੀਤਾ ਗਿਆ। ਉਨ੍ਹਾਂ ਸੁਸਾਇਟੀ ਦੇ ਉਪਰਾਲੇ ਦੀ ਸ਼ਲਾਘਾ ਕਰਦਿਆਂ ਕਿਹਾ ਕਿ ਵਾਤਾਵਰਨ ਦੀ ਸੰਭਾਲ ਲਈ ਹਰ ਨਾਗਰਿਕ ਨੂੰ ਅੱਗੇ ਆਉਣਾ ਚਾਹੀਦਾ ਹੈ।

ਸ੍ਰੀ ਮੁਕਤਸਰ ਸਾਹਿਬ/ਮੰਡੀ ਬਰੀਵਾਲਾ, 28 ਅਗਸਤ (ਸੁਰਿੰਦਰ ਸਿੰਘ ਚੱਠਾ) ਸੰਕਲਪ ਸੁਸਾਇਟੀ ਵਲੋਂ ਲਗਾਏ ਗਏ ਬੂਟਿਆਂ ਦਾ ਵਣ ਰੇਂਜ ਅਫ਼ਸਰ ਵਲੋਂ ਨਿਰੀਖਣ ਕੀਤਾ ਗਿਆ। ਉਨ੍ਹਾਂ ਸੁਸਾਇਟੀ ਦੇ ਉਪਰਾਲੇ ਦੀ ਸ਼ਲਾਘਾ ਕਰਦਿਆਂ ਕਿਹਾ ਕਿ ਵਾਤਾਵਰਨ ਦੀ ਸੰਭਾਲ ਲਈ ਹਰ ਨਾਗਰਿਕ ਨੂੰ ਅੱਗੇ ਆਉਣਾ ਚਾਹੀਦਾ ਹੈ।

ਸ੍ਰੀ ਮੁਕਤਸਰ ਸਾਹਿਬ/ਮੰਡੀ ਬਰੀਵਾਲਾ, 28 ਅਗਸਤ (ਸੁਰਿੰਦਰ ਸਿੰਘ ਚੱਠਾ) ਸੰਕਲਪ ਸੁਸਾਇਟੀ ਵਲੋਂ ਲਗਾਏ ਗਏ ਬੂਟਿਆਂ ਦਾ ਵਣ ਰੇਂਜ ਅਫ਼ਸਰ ਵਲੋਂ ਨਿਰੀਖਣ ਕੀਤਾ ਗਿਆ। ਉਨ੍ਹਾਂ ਸੁਸਾਇਟੀ ਦੇ ਉਪਰਾਲੇ ਦੀ ਸ਼ਲਾਘਾ ਕਰਦਿਆਂ ਕਿਹਾ ਕਿ ਵਾਤਾਵਰਨ ਦੀ ਸੰਭਾਲ ਲਈ ਹਰ ਨਾਗਰਿਕ ਨੂੰ ਅੱਗੇ ਆਉਣਾ ਚਾਹੀਦਾ ਹੈ।

ਸ੍ਰੀ ਮੁਕਤਸਰ ਸਾਹਿਬ/ਮੰਡੀ ਬਰੀਵਾਲਾ, 28 ਅਗਸਤ (ਸੁਰਿੰਦਰ ਸਿੰਘ ਚੱਠਾ) ਸੰਕਲਪ ਸੁਸਾਇਟੀ ਵਲੋਂ ਲਗਾਏ ਗਏ ਬੂਟਿਆਂ ਦਾ ਵਣ ਰੇਂਜ ਅਫ਼ਸਰ ਵਲੋਂ ਨਿਰੀਖਣ ਕੀਤਾ ਗਿਆ। ਉਨ੍ਹਾਂ ਸੁਸਾਇਟੀ ਦੇ ਉਪਰਾਲੇ ਦੀ ਸ਼ਲਾਘਾ ਕਰਦਿਆਂ ਕਿਹਾ ਕਿ ਵਾਤਾਵਰਨ ਦੀ ਸੰਭਾਲ ਲਈ ਹਰ ਨਾਗਰਿਕ ਨੂੰ ਅੱਗੇ ਆਉਣਾ ਚਾਹੀਦਾ ਹੈ।
